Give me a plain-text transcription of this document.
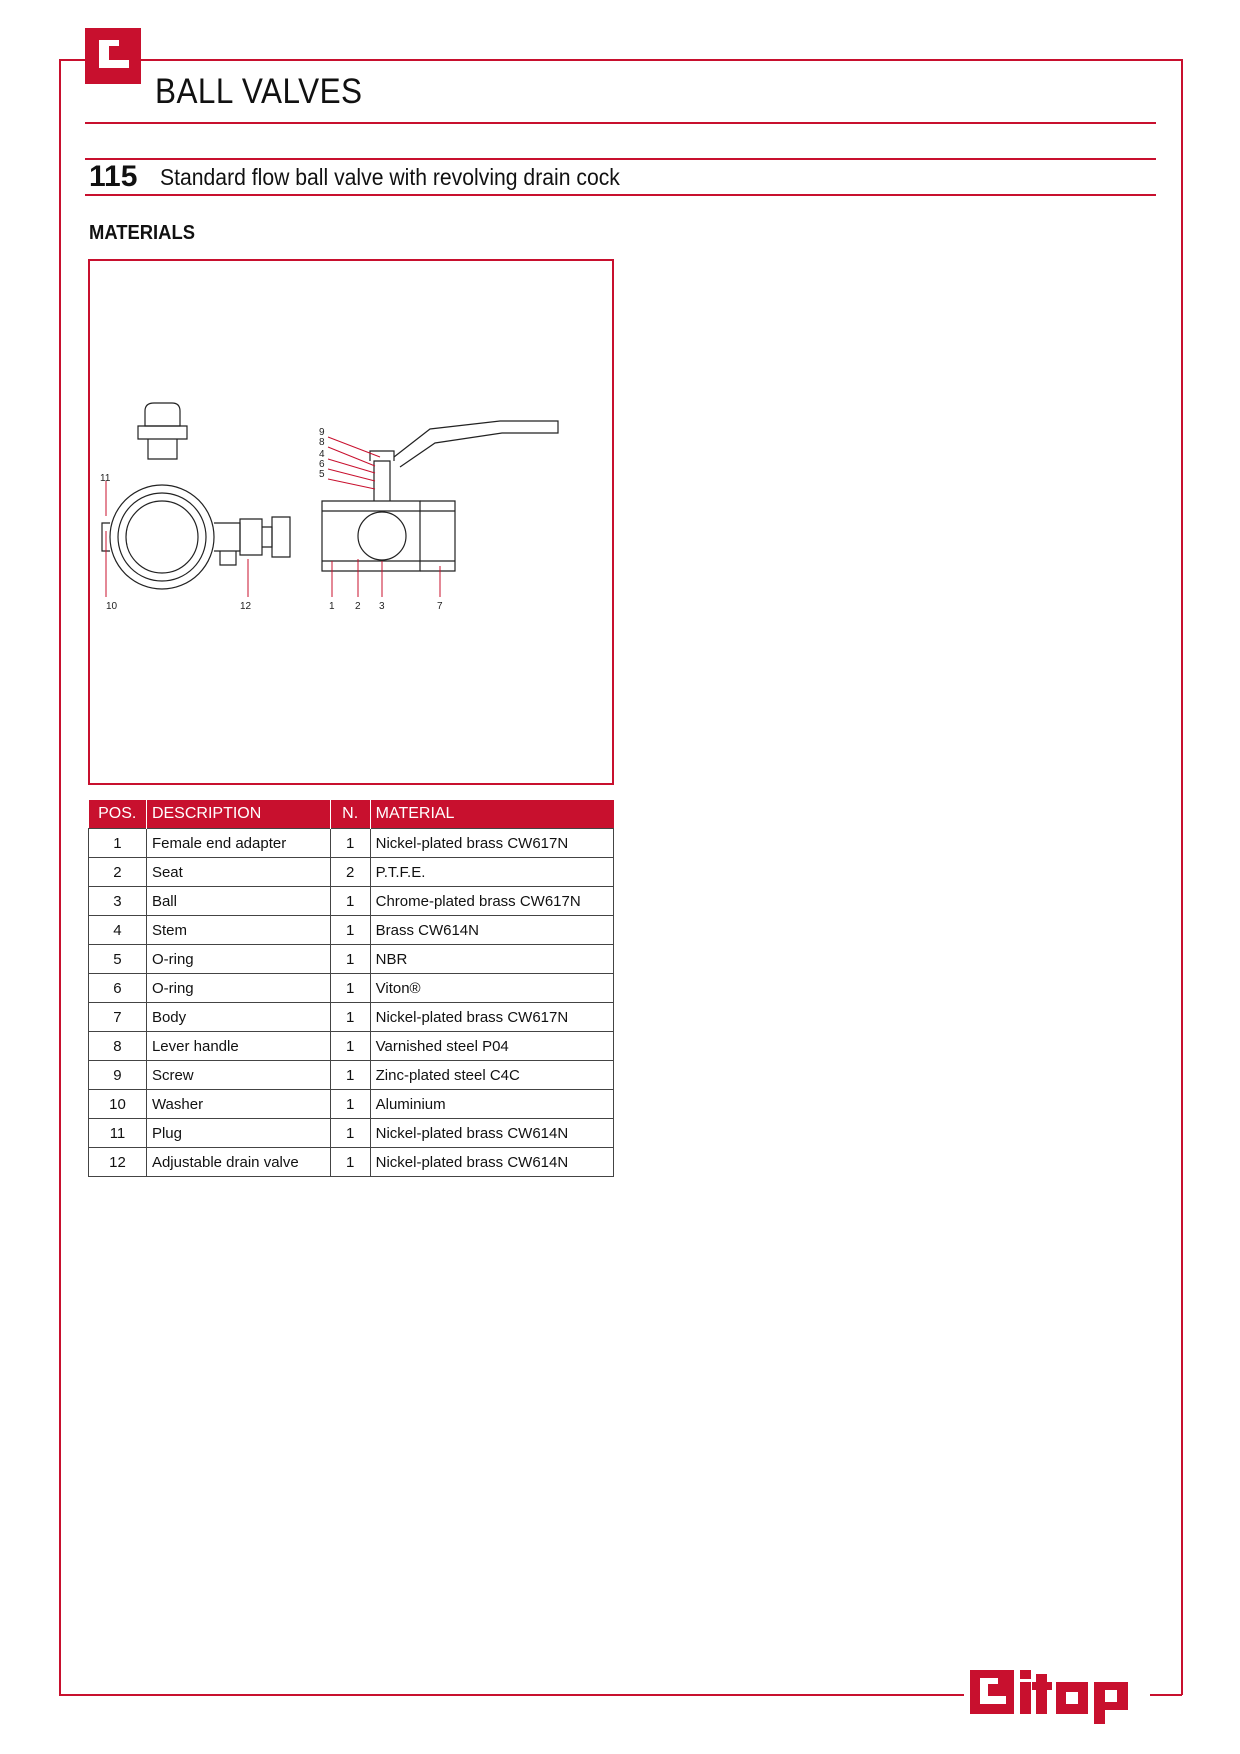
BALL VALVES
115 Standard flow ball valve with revolving drain cock
MATERIALS
11
10	12
9
8
4
6
5
1 2 3	7
POS.	DESCRIPTION	N.	MATERIAL
1	Female end adapter	1	Nickel-plated brass CW617N
2	Seat	2	P.T.F.E.
3	Ball	1	Chrome-plated brass CW617N
4	Stem	1	Brass CW614N
5	O-ring	1	NBR
6	O-ring	1	Viton®
7	Body	1	Nickel-plated brass CW617N
8	Lever handle	1	Varnished steel P04
9	Screw	1	Zinc-plated steel C4C
10	Washer	1	Aluminium
11	Plug	1	Nickel-plated brass CW614N
12	Adjustable drain valve	1	Nickel-plated brass CW614N
